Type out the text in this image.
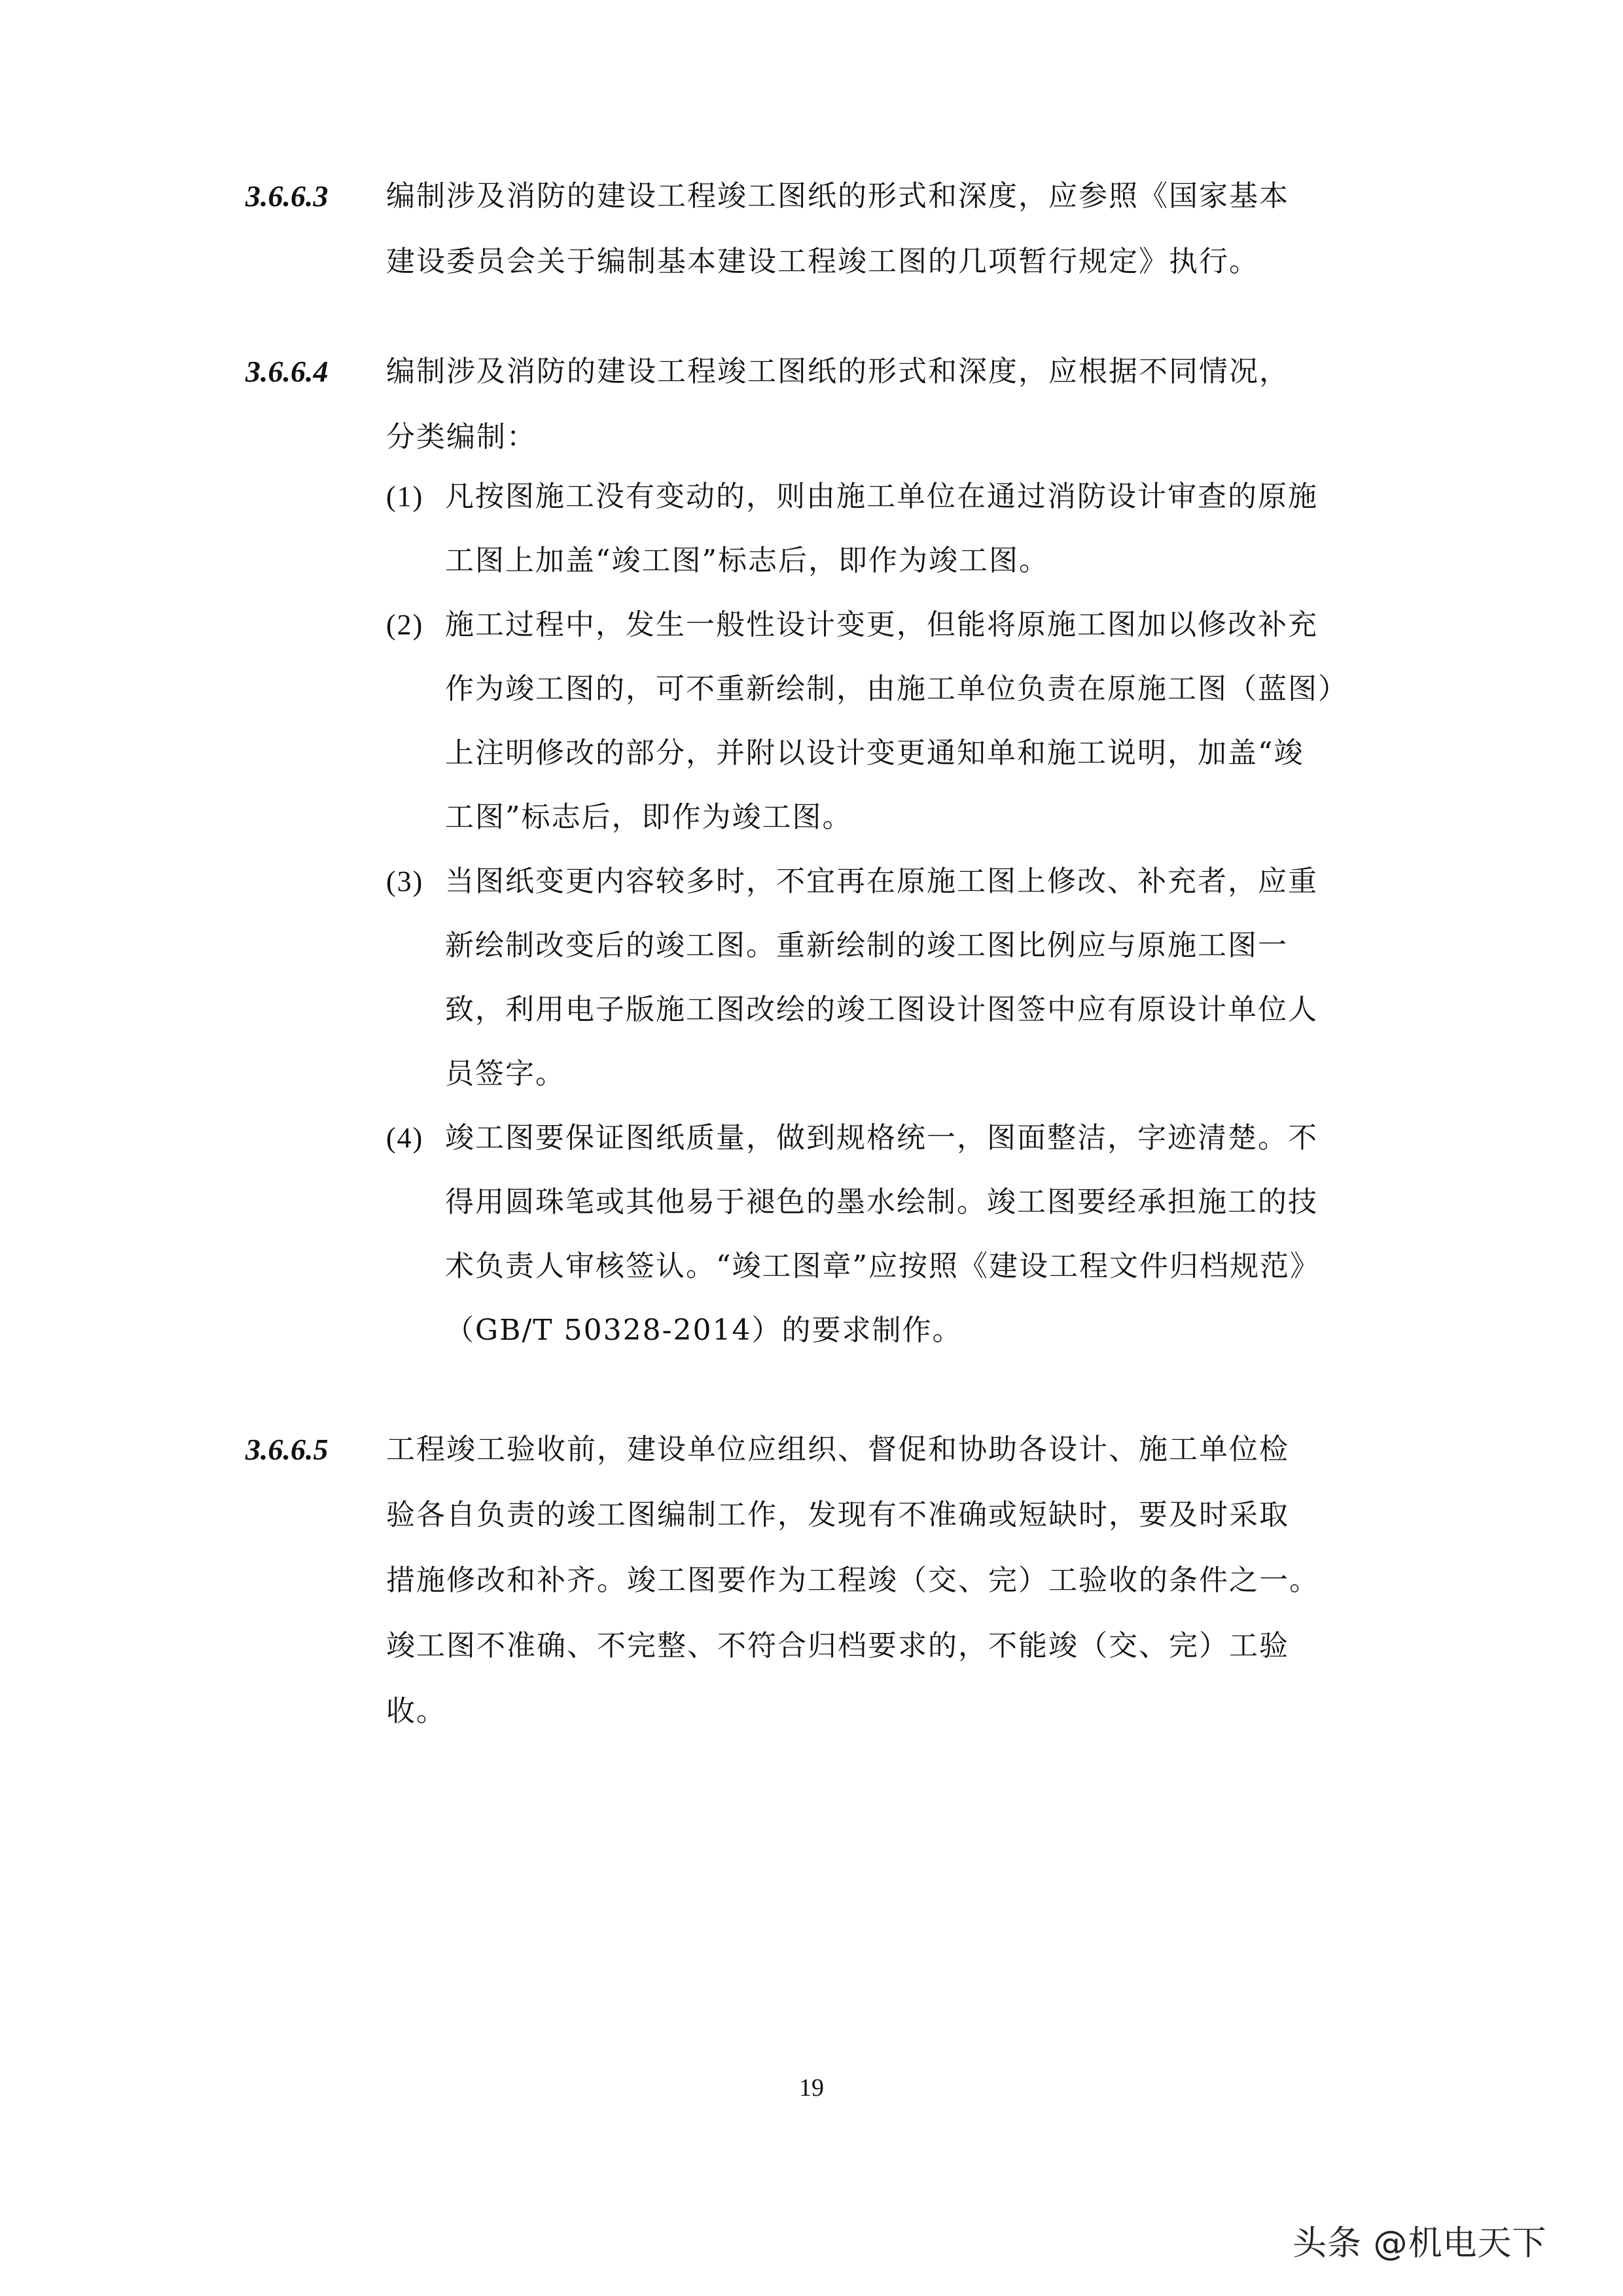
3.6.6.3 编制涉及消防的建设工程竣工图纸的形式和深度，应参照《国家基本
建设委员会关于编制基本建设工程竣工图的几项暂行规定》执行。
3.6.6.4 编制涉及消防的建设工程竣工图纸的形式和深度，应根据不同情况，
分类编制：
(1) 凡按图施工没有变动的，则由施工单位在通过消防设计审查的原施
工图上加盖“竣工图”标志后，即作为竣工图。
(2) 施工过程中，发生一般性设计变更，但能将原施工图加以修改补充
作为竣工图的，可不重新绘制，由施工单位负责在原施工图（蓝图）
上注明修改的部分，并附以设计变更通知单和施工说明，加盖“竣
工图”标志后，即作为竣工图。
(3) 当图纸变更内容较多时，不宜再在原施工图上修改、补充者，应重
新绘制改变后的竣工图。重新绘制的竣工图比例应与原施工图一
致，利用电子版施工图改绘的竣工图设计图签中应有原设计单位人
员签字。
(4) 竣工图要保证图纸质量，做到规格统一，图面整洁，字迹清楚。不
得用圆珠笔或其他易于褪色的墨水绘制。竣工图要经承担施工的技
术负责人审核签认。“竣工图章”应按照《建设工程文件归档规范》
（GB/T 50328-2014）的要求制作。
3.6.6.5 工程竣工验收前，建设单位应组织、督促和协助各设计、施工单位检
验各自负责的竣工图编制工作，发现有不准确或短缺时，要及时采取
措施修改和补齐。竣工图要作为工程竣（交、完）工验收的条件之一。
竣工图不准确、不完整、不符合归档要求的，不能竣（交、完）工验
收。
19
头条 @机电天下
